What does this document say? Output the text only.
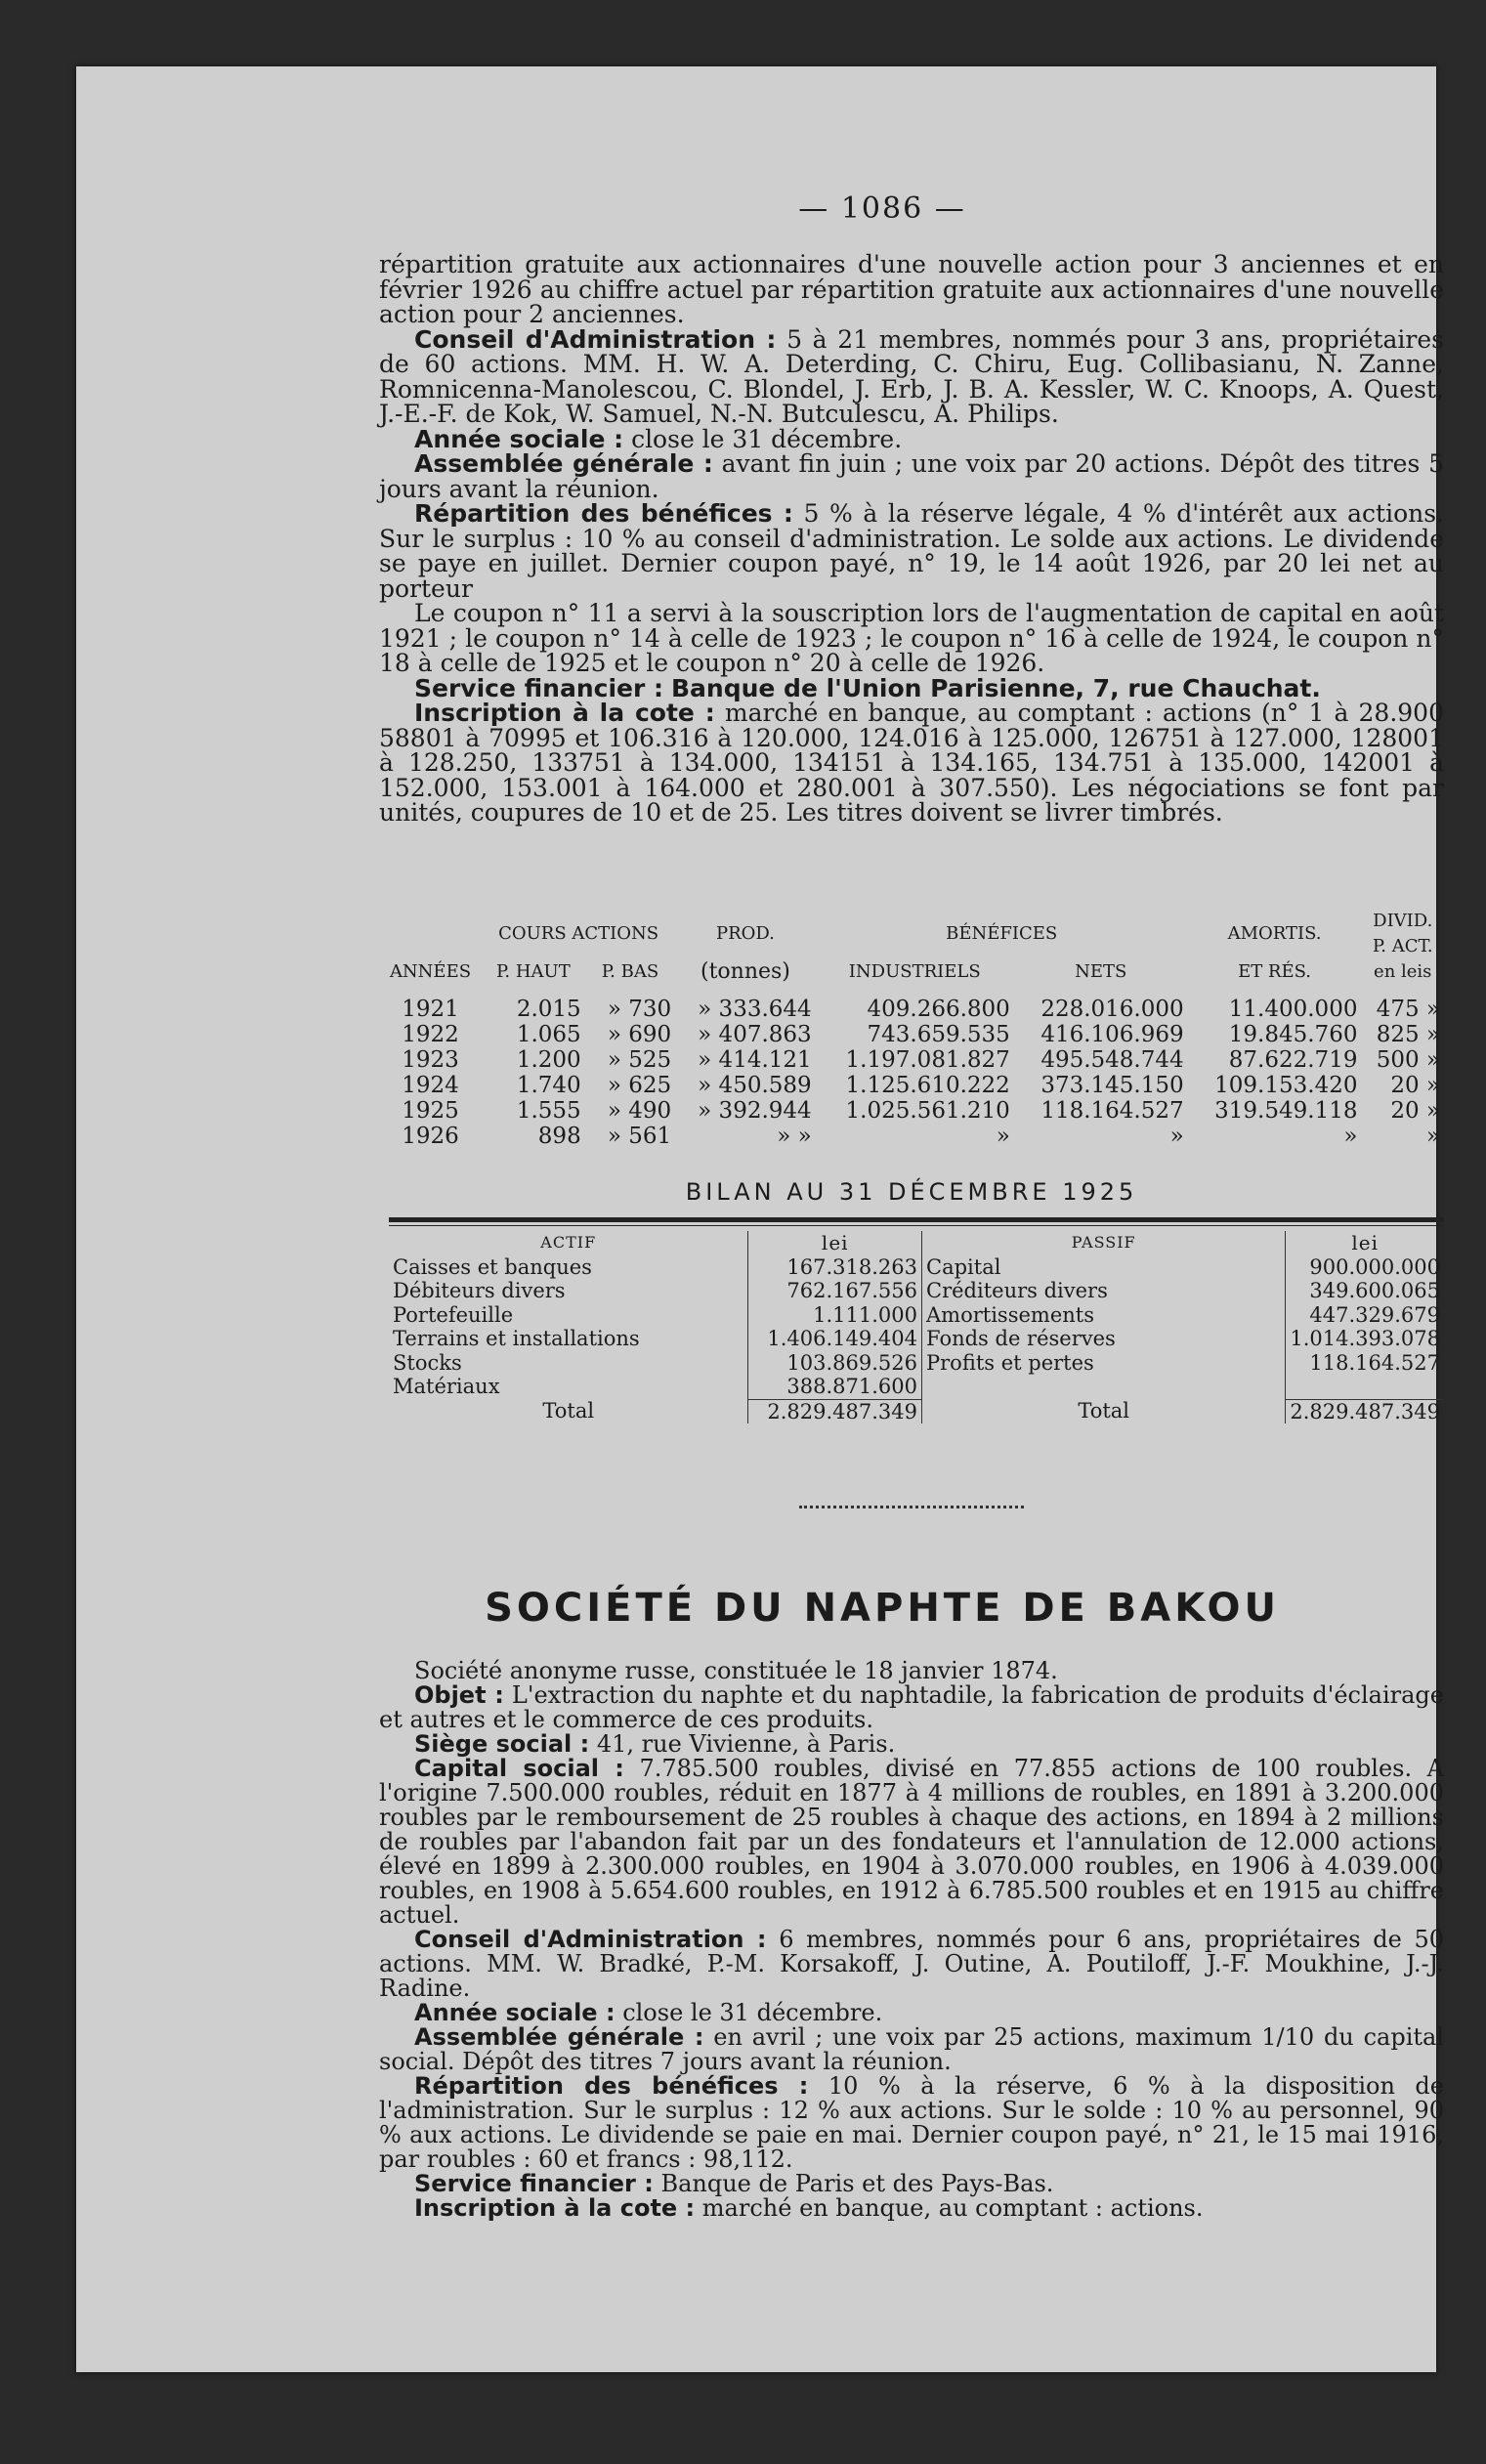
— 1086 —

répartition gratuite aux actionnaires d'une nouvelle action pour 3 anciennes et en février 1926 au chiffre actuel par répartition gratuite aux actionnaires d'une nouvelle action pour 2 anciennes.

Conseil d'Administration : 5 à 21 membres, nommés pour 3 ans, propriétaires de 60 actions. MM. H. W. A. Deterding, C. Chiru, Eug. Collibasianu, N. Zanne, Romnicenna-Manolescou, C. Blondel, J. Erb, J. B. A. Kessler, W. C. Knoops, A. Quest, J.-E.-F. de Kok, W. Samuel, N.-N. Butculescu, A. Philips.

Année sociale : close le 31 décembre.

Assemblée générale : avant fin juin ; une voix par 20 actions. Dépôt des titres 5 jours avant la réunion.

Répartition des bénéfices : 5 % à la réserve légale, 4 % d'intérêt aux actions. Sur le surplus : 10 % au conseil d'administration. Le solde aux actions. Le dividende se paye en juillet. Dernier coupon payé, n° 19, le 14 août 1926, par 20 lei net au porteur

Le coupon n° 11 a servi à la souscription lors de l'augmentation de capital en août 1921 ; le coupon n° 14 à celle de 1923 ; le coupon n° 16 à celle de 1924, le coupon n° 18 à celle de 1925 et le coupon n° 20 à celle de 1926.

Service financier : Banque de l'Union Parisienne, 7, rue Chauchat.

Inscription à la cote : marché en banque, au comptant : actions (n° 1 à 28.900 58801 à 70995 et 106.316 à 120.000, 124.016 à 125.000, 126751 à 127.000, 128001 à 128.250, 133751 à 134.000, 134151 à 134.165, 134.751 à 135.000, 142001 à 152.000, 153.001 à 164.000 et 280.001 à 307.550). Les négociations se font par unités, coupures de 10 et de 25. Les titres doivent se livrer timbrés.

	COURS ACTIONS		PROD.	BÉNÉFICES		AMORTIS.	DIVID.
P. ACT.
ANNÉES	P. HAUT	P. BAS	(tonnes)	INDUSTRIELS	NETS	ET RÉS.	en leis

1921	2.015	» 730	» 333.644	409.266.800	228.016.000	11.400.000	475 »
1922	1.065	» 690	» 407.863	743.659.535	416.106.969	19.845.760	825 »
1923	1.200	» 525	» 414.121	1.197.081.827	495.548.744	87.622.719	500 »
1924	1.740	» 625	» 450.589	1.125.610.222	373.145.150	109.153.420	20 »
1925	1.555	» 490	» 392.944	1.025.561.210	118.164.527	319.549.118	20 »
1926	898	» 561	» »	»	»	»	»
BILAN AU 31 DÉCEMBRE 1925
ACTIF	lei	PASSIF	lei
Caisses et banques	167.318.263	Capital	900.000.000
Débiteurs divers	762.167.556	Créditeurs divers	349.600.065
Portefeuille	1.111.000	Amortissements	447.329.679
Terrains et installations	1.406.149.404	Fonds de réserves	1.014.393.078
Stocks	103.869.526	Profits et pertes	118.164.527
Matériaux	388.871.600		
Total	2.829.487.349	Total	2.829.487.349
SOCIÉTÉ DU NAPHTE DE BAKOU

Société anonyme russe, constituée le 18 janvier 1874.

Objet : L'extraction du naphte et du naphtadile, la fabrication de produits d'éclairage et autres et le commerce de ces produits.

Siège social : 41, rue Vivienne, à Paris.

Capital social : 7.785.500 roubles, divisé en 77.855 actions de 100 roubles. A l'origine 7.500.000 roubles, réduit en 1877 à 4 millions de roubles, en 1891 à 3.200.000 roubles par le remboursement de 25 roubles à chaque des actions, en 1894 à 2 millions de roubles par l'abandon fait par un des fondateurs et l'annulation de 12.000 actions, élevé en 1899 à 2.300.000 roubles, en 1904 à 3.070.000 roubles, en 1906 à 4.039.000 roubles, en 1908 à 5.654.600 roubles, en 1912 à 6.785.500 roubles et en 1915 au chiffre actuel.

Conseil d'Administration : 6 membres, nommés pour 6 ans, propriétaires de 50 actions. MM. W. Bradké, P.-M. Korsakoff, J. Outine, A. Poutiloff, J.-F. Moukhine, J.-J. Radine.

Année sociale : close le 31 décembre.

Assemblée générale : en avril ; une voix par 25 actions, maximum 1/10 du capital social. Dépôt des titres 7 jours avant la réunion.

Répartition des bénéfices : 10 % à la réserve, 6 % à la disposition de l'administration. Sur le surplus : 12 % aux actions. Sur le solde : 10 % au personnel, 90 % aux actions. Le dividende se paie en mai. Dernier coupon payé, n° 21, le 15 mai 1916, par roubles : 60 et francs : 98,112.

Service financier : Banque de Paris et des Pays-Bas.

Inscription à la cote : marché en banque, au comptant : actions.
